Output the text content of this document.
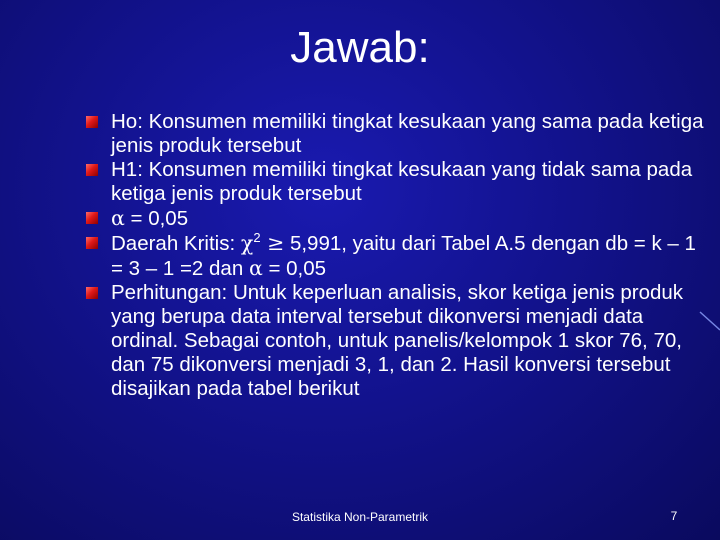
Jawab:
Ho: Konsumen memiliki tingkat kesukaan yang sama pada ketiga jenis produk tersebut
H1: Konsumen memiliki tingkat kesukaan yang tidak sama pada ketiga jenis produk tersebut
α = 0,05
Daerah Kritis: $\chi^2 \ge 5,991$, yaitu dari Tabel A.5 dengan db = k – 1 = 3 – 1 =2 dan α = 0,05
Perhitungan: Untuk keperluan analisis, skor ketiga jenis produk yang berupa data interval tersebut dikonversi menjadi data ordinal. Sebagai contoh, untuk panelis/kelompok 1 skor 76, 70, dan 75 dikonversi menjadi 3, 1, dan 2. Hasil konversi tersebut disajikan pada tabel berikut
Statistika Non-Parametrik	7
